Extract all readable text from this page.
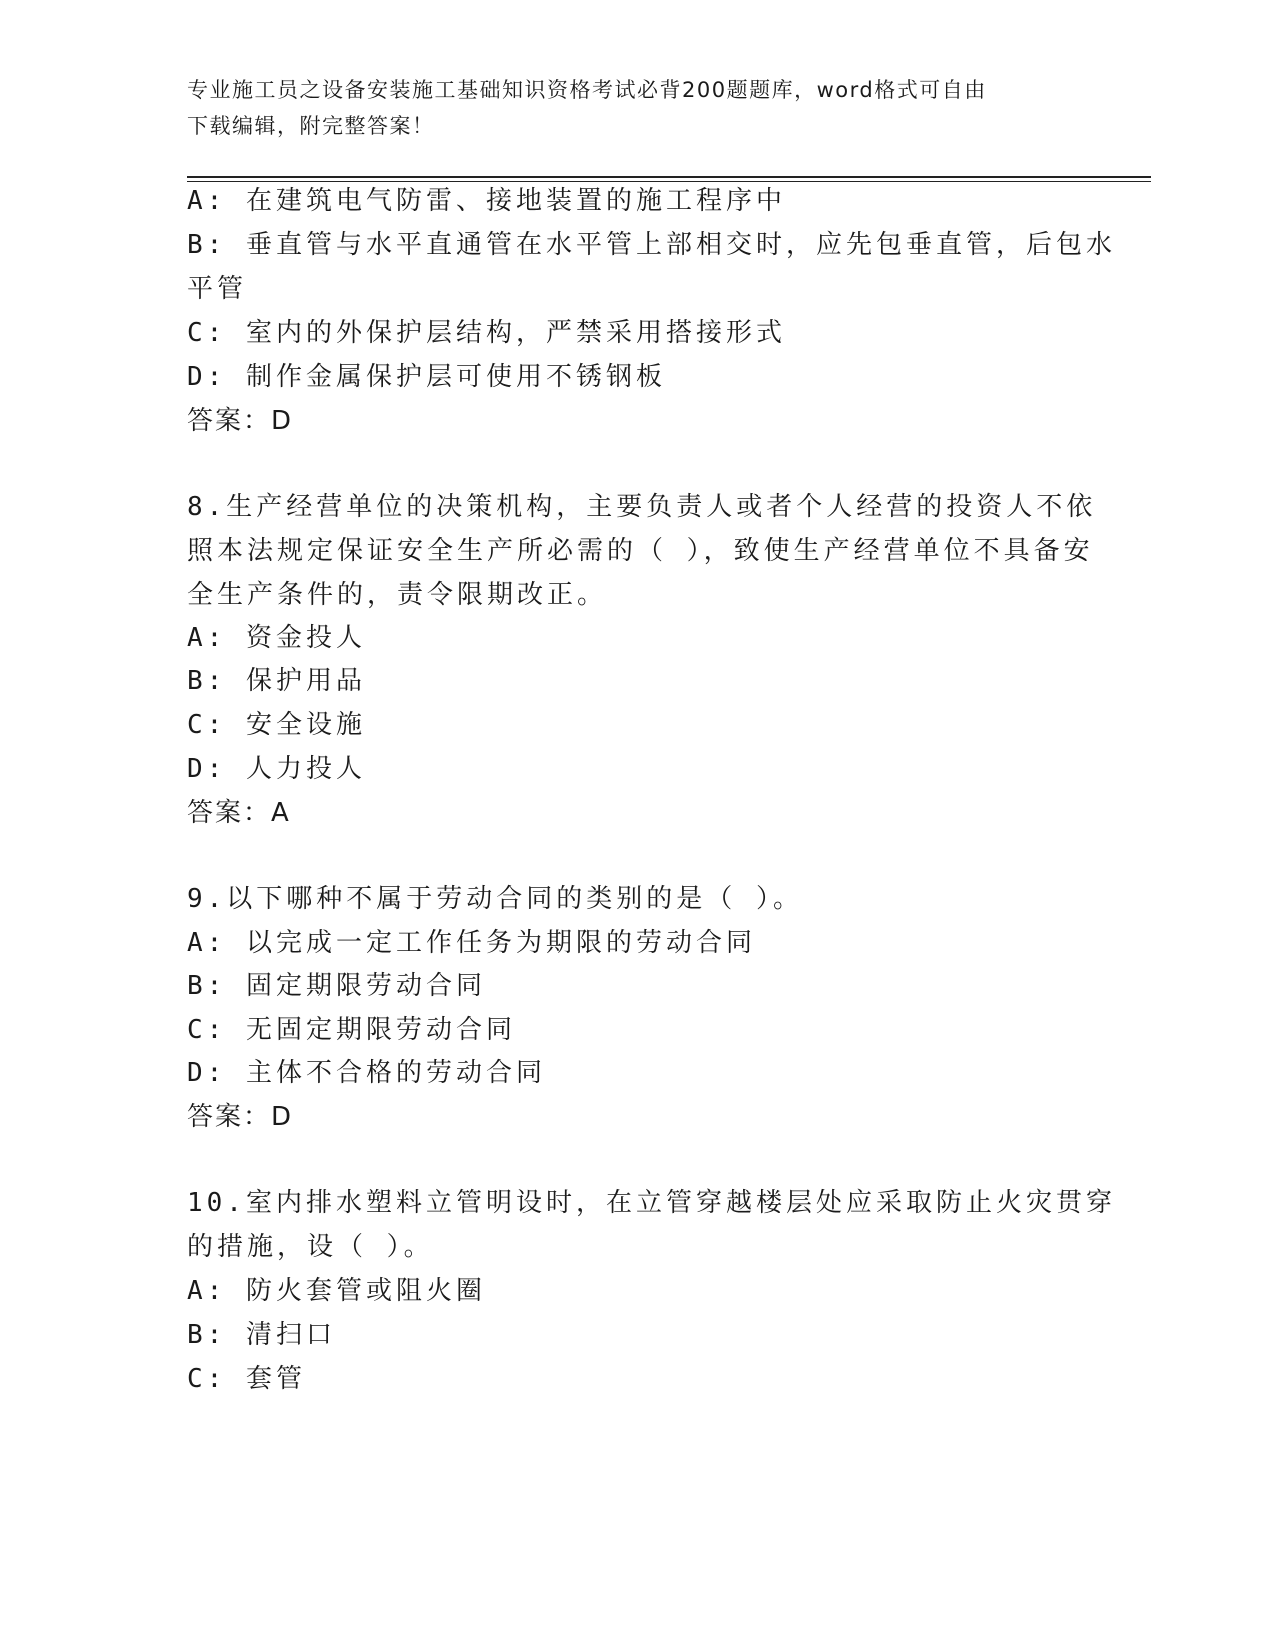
专业施工员之设备安装施工基础知识资格考试必背200题题库，word格式可自由
下载编辑，附完整答案！
A: 在建筑电气防雷、接地装置的施工程序中
B: 垂直管与水平直通管在水平管上部相交时，应先包垂直管，后包水
平管
C: 室内的外保护层结构，严禁采用搭接形式
D: 制作金属保护层可使用不锈钢板
答案：D
8.生产经营单位的决策机构，主要负责人或者个人经营的投资人不依
照本法规定保证安全生产所必需的（ ），致使生产经营单位不具备安
全生产条件的，责令限期改正。
A: 资金投人
B: 保护用品
C: 安全设施
D: 人力投人
答案：A
9.以下哪种不属于劳动合同的类别的是（ ）。
A: 以完成一定工作任务为期限的劳动合同
B: 固定期限劳动合同
C: 无固定期限劳动合同
D: 主体不合格的劳动合同
答案：D
10.室内排水塑料立管明设时，在立管穿越楼层处应采取防止火灾贯穿
的措施，设（ ）。
A: 防火套管或阻火圈
B: 清扫口
C: 套管
